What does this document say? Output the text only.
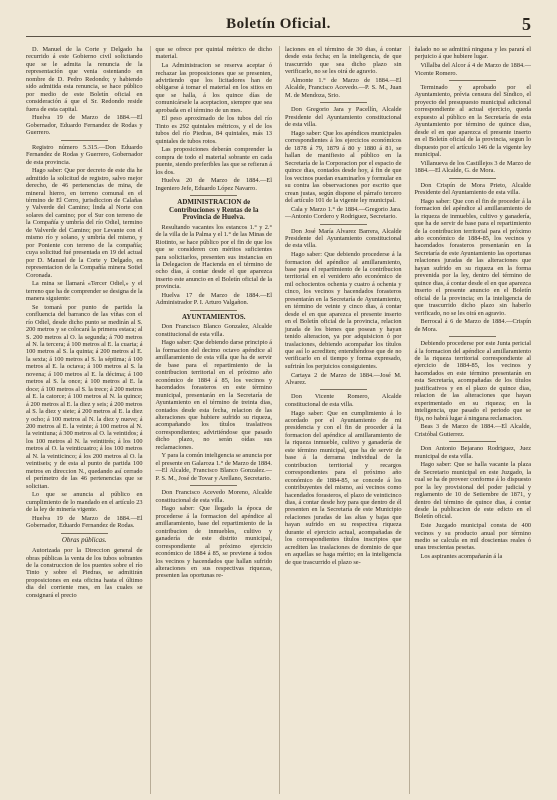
Boletín Oficial.	5

D. Manuel de la Corte y Delgado ha recurrido á este Gobierno civil solicitando que se le admita la renuncia de la representación que venia ostentando en nombre de D. Pedro Redondo; y habiendo sido admitida esta renuncia, se hace público por medio de este Boletín oficial en consideración á que el Sr. Redondo reside fuera de esta capital.

Huelva 19 de Marzo de 1884.—El Gobernador, Eduardo Fernandez de Rodas y Guerrero.

Registro número 5.315.—Don Eduardo Fernandez de Rodas y Guerrero, Gobernador de esta provincia.

Hago saber: Que por decreto de este dia he admitido la solicitud de registro, salvo mejor derecho, de 46 pertenencias de mina, de mineral hierro, en terreno comunal en el término de El Cerro, jurisdiccion de Calañas y Valverde del Camino; linda al Norte con solares del camino; por el Sur con terreno de la Compañía y umbría del río Odiel, termino de Valverde del Camino; por Levante con el mismo río y solano, y umbría del mismo, y por Poniente con terreno de la compañía; cuya solicitud fué presentada en 19 del actual por D. Manuel de la Corte y Delgado, en representacion de la Compañía minera Sotiel Coronada.

La mina se llamará «Tercer Odiel,» y el terreno que ha de comprender se designa de la manera siguiente:

Se tomará por punto de partida la confluencia del barranco de las viñas con el río Odiel, desde dicho punto se medirán al S. 200 metros y se colocará la primera estaca; al S. 200 metros al O. la segunda; á 700 metros al N. la tercera; á 100 metros al E. la cuarta; á 100 metros al S. la quinta; á 200 metros al E. la sexta; á 100 metros al S. la séptima; á 100 metros al E. la octava; á 100 metros al S. la novena; á 100 metros al E. la décima; á 100 metros al S. la once; á 100 metros al E. la doce; á 100 metros al S. la trece; á 200 metros al E. la catorce; á 100 metros al N. la quince; á 200 metros al E. la diez y seis; á 200 metros al S. la diez y siete; á 200 metros al E. la diez y ocho; á 100 metros al N. la diez y nueve; á 200 metros al E. la veinte; á 100 metros al N. la veintiuna; á 300 metros al O. la veintidos; á los 100 metros al N. la veintitrés; á los 100 metros al O. la veinticuatro; á los 100 metros al N. la veinticinco; á los 200 metros al O. la veintiseis; y de esta al punto de partida 100 metros en direccion N., quedando así cerrado el perímetro de las 46 pertenencias que se solicitan.

Lo que se anuncia al público en cumplimiento de lo mandado en el artículo 23 de la ley de minería vigente.

Huelva 19 de Marzo de 1884.—El Gobernador, Eduardo Fernandez de Rodas.

Obras públicas.

Autorizada por la Direccion general de obras públicas la venta de los tubos sobrantes de la construccion de los puentes sobre el río Tinto y sobre el Piedras, se admitirán proposiciones en esta oficina hasta el último dia del corriente mes, en las cuales se consignará el precio

que se ofrece por quintal métrico de dicho material.

La Administracion se reserva aceptar ó rechazar las proposiciones que se presenten, advirtiendo que los licitadores han de obligarse á tomar el material en los sitios en que se halla, á los quince días de comunicársele la aceptacion, siempre que sea aprobada en el término de un mes.

El peso aproximado de los tubos del río Tinto es 292 quintales métricos, y el de los tubos del río Piedras, 84 quintales, más 13 quintales de tubos rotos.

Las proposiciones deberán comprender la compra de todo el material sobrante en cada puente, siendo preferibles las que se refieran á los dos.

Huelva 20 de Marzo de 1884.—El Ingeniero Jefe, Eduardo López Navarro.

ADMINISTRACION de Contribuciones y Rentas de la Provincia de Huelva.

Resultando vacantes los estancos 1.° y 2.° de la villa de la Palma y el 1.° de las Minas de Riotinto, se hace público por el fin de que los que se consideren con méritos suficientes para solicitarlos, presenten sus instancias en la Delegacion de Hacienda en el término de ocho dias, á contar desde el que aparezca inserto este anuncio en el Boletín oficial de la provincia.

Huelva 17 de Marzo de 1884.—El Administrador P. I. Arturo Valgañon.

AYUNTAMIENTOS.

Don Francisco Blanco Gonzalez, Alcalde constitucional de esta villa.

Hago saber: Que debiendo darse principio á la formacion del decimo octavo apéndice al amillaramiento de esta villa que ha de servir de base para el repartimiento de la contribucion territorial en el próximo año económico de 1884 á 85, los vecinos y hacendados forasteros en este término municipal, presentarán en la Secretaría de Ayuntamiento en el término de treinta dias, contados desde esta fecha, relacion de las alteraciones que hubiere sufrido su riqueza, acompañando los títulos traslativos correspondientes; advirtiéndose que pasado dicho plazo, no serán oídas sus reclamaciones.

Y para la común inteligencia se anuncia por el presente en Galaroza 1.° de Marzo de 1884.—El Alcalde, Francisco Blanco Gonzalez.—P. S. M., José de Tovar y Arellano, Secretario.

Don Francisco Acevedo Moreno, Alcalde constitucional de esta villa.

Hago saber: Que llegado la época de procederse á la formacion del apéndice al amillaramiento, base del repartimiento de la contribucion de inmuebles, cultivo y ganadería de este distrito municipal, correspondiente al próximo ejercicio económico de 1884 á 85, se previene á todos los vecinos y hacendados que hallan sufrido alteraciones en sus respectivas riquezas, presenten las oportunas re-

laciones en el término de 30 dias, á contar desde esta fecha; en la inteligencia, de que trascurrido que sea dicho plazo sin verificarlo, no se les oirá de agravio.

Almonte 1.° de Marzo de 1884.—El Alcalde, Francisco Acevedo.—P. S. M., Juan M. de Mendoza, Srio.

Don Gregorio Jara y Pacellín, Alcalde Presidente del Ayuntamiento constitucional de esta villa.

Hago saber: Que los apéndices municipales correspondientes á los ejercicios económicos de 1878 á 79, 1879 á 80 y 1880 á 81, se hallan de manifiesto al público en la Secretaría de la Corporacion por el espacio de quince dias, contados desde hoy, á fin de que los vecinos puedan examinarlos y formular en su contra las observaciones por escrito que crean justas, según dispone el párrafo tercero del artículo 101 de la vigente ley municipal.

Cala y Marzo 1.° de 1884.—Gregorio Jara.—Antonio Cordero y Rodriguez, Secretario.

Don José María Alvarez Barrera, Alcalde Presidente del Ayuntamiento constitucional de esta villa.

Hago saber: Que debiendo procederse á la formacion del apéndice al amillaramiento, base para el repartimiento de la contribucion territorial en el venidero año económico de mil ochocientos ochenta y cuatro á ochenta y cinco, los vecinos y hacendados forasteros presentarán en la Secretaría de Ayuntamiento, en término de veinte y cinco dias, á contar desde el en que aparezca el presente inserto en el Boletín oficial de la provincia, relacion jurada de los bienes que posean y hayan tenido alteracion, ya por adquisicion ó por traslaciones, debiendo acompañar los títulos que así lo acrediten; entendiéndose que de no verificarlo en el tiempo y forma expresado, sufrirán los perjuicios consiguientes.

Cartaya 2 de Marzo de 1884.—José M. Alvarez.

Don Vicente Romero, Alcalde constitucional de esta villa.

Hago saber: Que en cumplimiento á lo acordado por el Ayuntamiento de mi presidencia y con el fin de proceder á la formacion del apéndice al amillaramiento de la riqueza inmueble, cultivo y ganadería de este término municipal, que ha de servir de base á la derrama individual de la contribucion territorial y recargos correspondientes para el próximo año económico de 1884-85, se concede á los contribuyentes del mismo, así vecinos como hacendados forasteros, el plazo de veinticinco dias, á contar desde hoy para que dentro de él presenten en la Secretaría de este Municipio relaciones juradas de las altas y bajas que hayan sufrido en su respectiva riqueza durante el ejercicio actual, acompañadas de los correspondientes títulos inscriptos que acrediten las traslaciones de dominio de que en aquellas se haga mérito; en la inteligencia de que trascurrido el plazo se-

ñalado no se admitirá ninguna y les parará el perjuicio á que hubiere lugar.

Villalba del Alcor á 4 de Marzo de 1884.—Vicente Romero.

Terminado y aprobado por el Ayuntamiento, prévia censura del Síndico, el proyecto del presupuesto municipal adicional correspondiente al actual ejercicio, queda expuesto al público en la Secretaría de esta Ayuntamiento por término de quince dias, desde el en que aparezca el presente inserto en el Boletín oficial de la provincia, segun lo dispuesto por el artículo 146 de la vigente ley municipal.

Villanueva de los Castillejos 3 de Marzo de 1884.—El Alcalde, G. de Mora.

Don Crispín de Mora Prieto, Alcalde Presidente del Ayuntamiento de esta villa.

Hago saber: Que con el fin de proceder á la formacion del apéndice al amillaramiento de la riqueza de inmuebles, cultivo y ganadería, que ha de servir de base para el repartimiento de la contribucion territorial para el próximo año económico de 1884-85, los vecinos y hacendados forasteros presentarán en la Secretaría de este Ayuntamiento las oportunas relaciones juradas de las alteraciones que hayan sufrido en su riqueza en la forma prevenida por la ley, dentro del término de quince dias, á contar desde el en que aparezca inserto el presente anuncio en el Boletín oficial de la provincia; en la inteligencia de que trascurrido dicho plazo sin haberlo verificado, no se les oirá en agravio.

Berrocal á 6 de Marzo de 1884.—Crispín de Mora.

Debiendo procederse por este Junta pericial á la formacion del apéndice al amillaramiento de la riqueza territorial correspondiente al ejercicio de 1884-85, los vecinos y hacendados en este término presentarán en esta Secretaría, acompañadas de los títulos justificativos y en el plazo de quince dias, relacion de las alteraciones que hayan experimentado en su riqueza; en la inteligencia, que pasado el periodo que se fija, no habrá lugar á ninguna reclamacion.

Beas 3 de Marzo de 1884.—El Alcalde, Cristóbal Gutierrez.

Don Antonio Bejarano Rodriguez, Juez municipal de esta villa.

Hago saber: Que se halla vacante la plaza de Secretario municipal en este Juzgado, la cual se ha de proveer conforme á lo dispuesto por la ley provisional del poder judicial y reglamento de 10 de Setiembre de 1871, y dentro del término de quince dias, á contar desde la publicacion de este edicto en el Boletín oficial.

Este Juzgado municipal consta de 400 vecinos y su producto anual por término medio se calcula en mil doscientas reales ó unas trescientas pesetas.

Los aspirantes acompañarán á la
